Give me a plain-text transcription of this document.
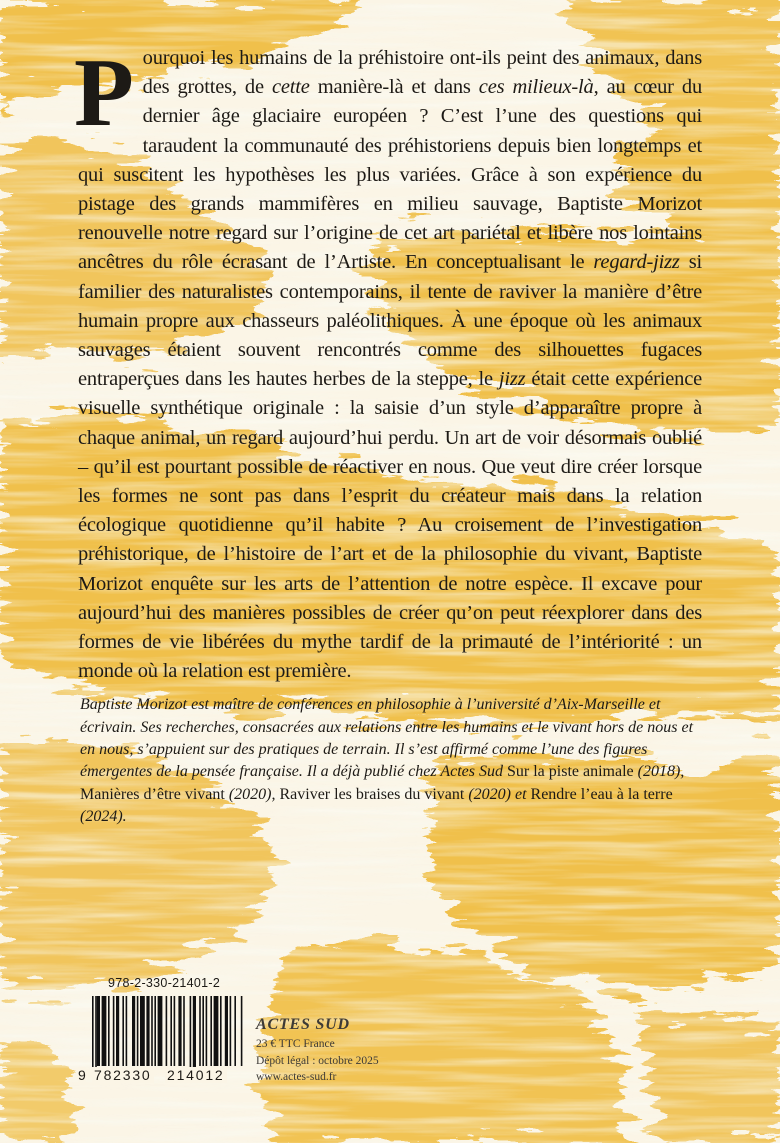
Pourquoi les humains de la préhistoire ont-ils peint des animaux, dans des grottes, de cette manière-là et dans ces milieux-là, au cœur du dernier âge glaciaire européen ? C’est l’une des questions qui taraudent la communauté des préhistoriens depuis bien longtemps et qui suscitent les hypothèses les plus variées. Grâce à son expérience du pistage des grands mammifères en milieu sauvage, Baptiste Morizot renouvelle notre regard sur l’origine de cet art pariétal et libère nos lointains ancêtres du rôle écrasant de l’Artiste. En conceptualisant le regard-jizz si familier des naturalistes contemporains, il tente de raviver la manière d’être humain propre aux chasseurs paléolithiques. À une époque où les animaux sauvages étaient souvent rencontrés comme des silhouettes fugaces entraperçues dans les hautes herbes de la steppe, le jizz était cette expérience visuelle synthétique originale : la saisie d’un style d’apparaître propre à chaque animal, un regard aujourd’hui perdu. Un art de voir désormais oublié – qu’il est pourtant possible de réactiver en nous. Que veut dire créer lorsque les formes ne sont pas dans l’esprit du créateur mais dans la relation écologique quotidienne qu’il habite ? Au croisement de l’investigation préhistorique, de l’histoire de l’art et de la philosophie du vivant, Baptiste Morizot enquête sur les arts de l’attention de notre espèce. Il excave pour aujourd’hui des manières possibles de créer qu’on peut réexplorer dans des formes de vie libérées du mythe tardif de la primauté de l’intériorité : un monde où la relation est première.

Baptiste Morizot est maître de conférences en philosophie à l’université d’Aix-Marseille et écrivain. Ses recherches, consacrées aux relations entre les humains et le vivant hors de nous et en nous, s’appuient sur des pratiques de terrain. Il s’est affirmé comme l’une des figures émergentes de la pensée française. Il a déjà publié chez Actes Sud Sur la piste animale (2018), Manières d’être vivant (2020), Raviver les braises du vivant (2020) et Rendre l’eau à la terre (2024).

978-2-330-21401-2
9 782330 214012
ACTES SUD
23 € TTC France
Dépôt légal : octobre 2025
www.actes-sud.fr
